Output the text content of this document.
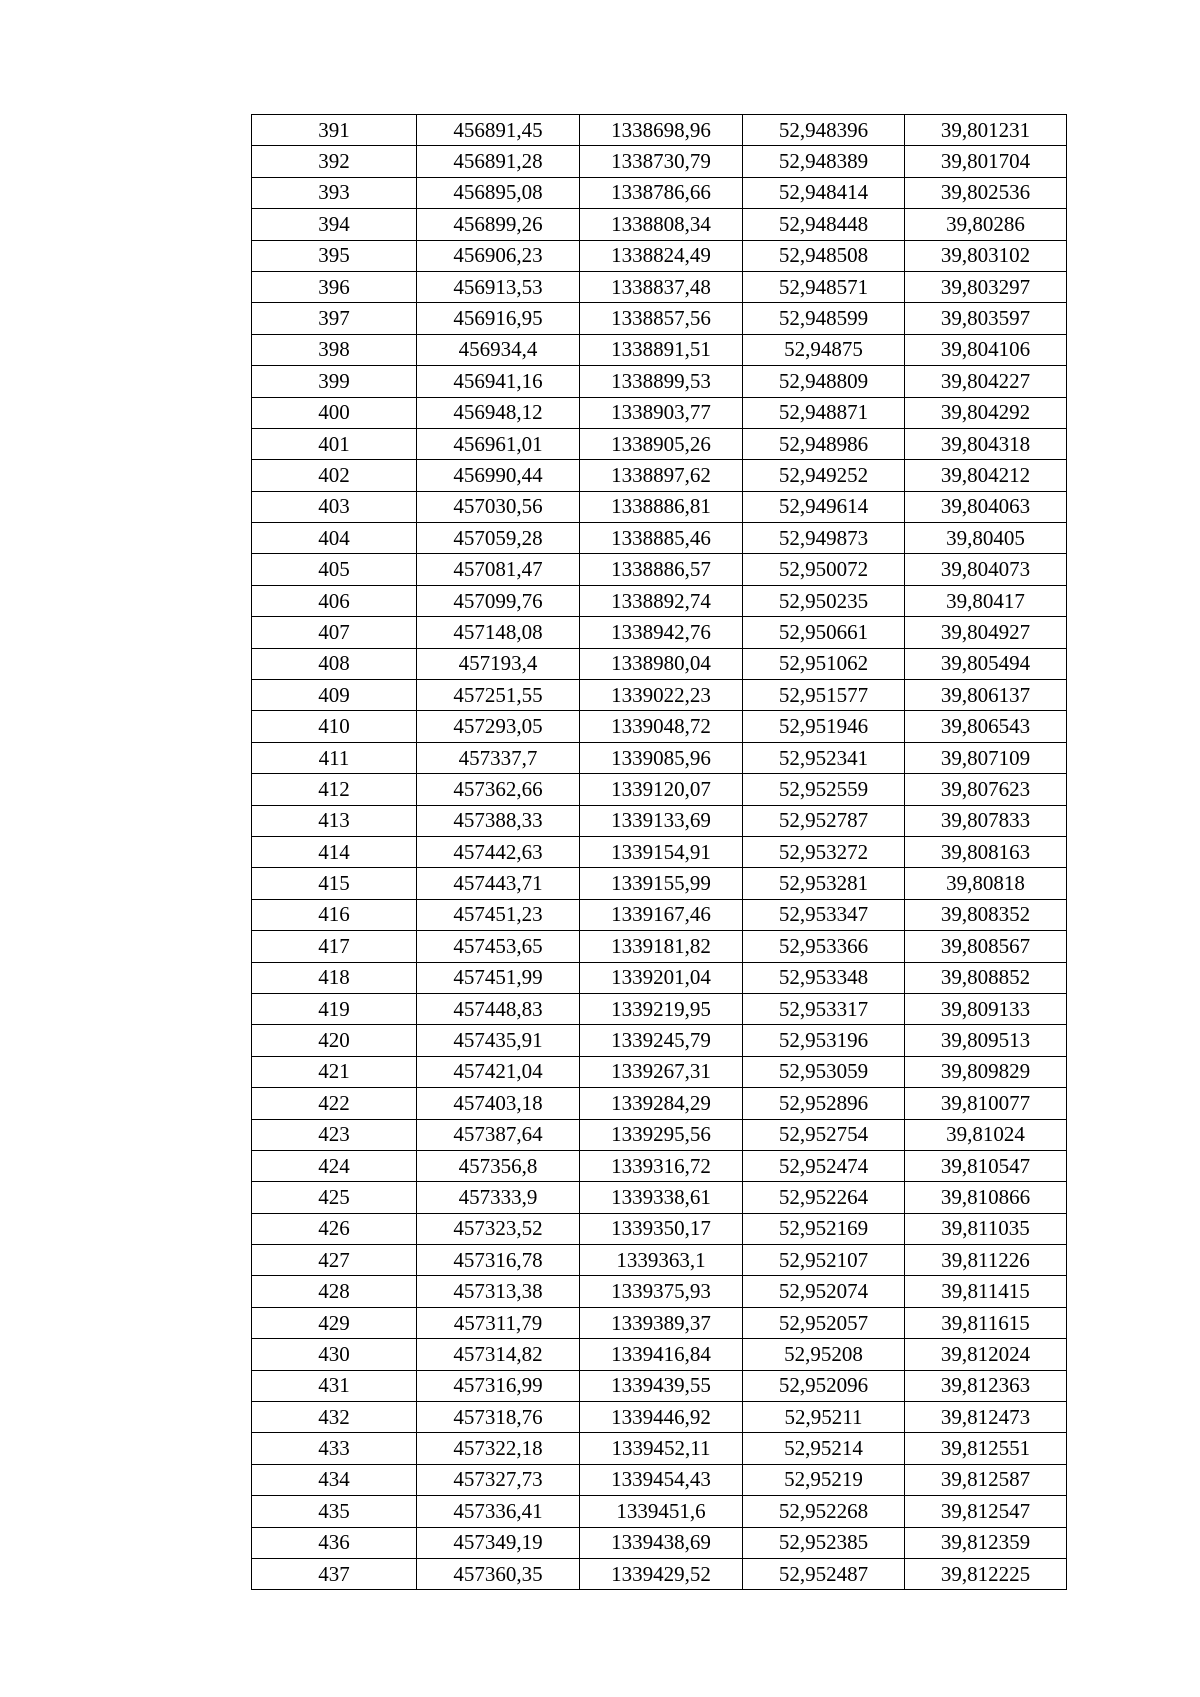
391	456891,45	1338698,96	52,948396	39,801231
392	456891,28	1338730,79	52,948389	39,801704
393	456895,08	1338786,66	52,948414	39,802536
394	456899,26	1338808,34	52,948448	39,80286
395	456906,23	1338824,49	52,948508	39,803102
396	456913,53	1338837,48	52,948571	39,803297
397	456916,95	1338857,56	52,948599	39,803597
398	456934,4	1338891,51	52,94875	39,804106
399	456941,16	1338899,53	52,948809	39,804227
400	456948,12	1338903,77	52,948871	39,804292
401	456961,01	1338905,26	52,948986	39,804318
402	456990,44	1338897,62	52,949252	39,804212
403	457030,56	1338886,81	52,949614	39,804063
404	457059,28	1338885,46	52,949873	39,80405
405	457081,47	1338886,57	52,950072	39,804073
406	457099,76	1338892,74	52,950235	39,80417
407	457148,08	1338942,76	52,950661	39,804927
408	457193,4	1338980,04	52,951062	39,805494
409	457251,55	1339022,23	52,951577	39,806137
410	457293,05	1339048,72	52,951946	39,806543
411	457337,7	1339085,96	52,952341	39,807109
412	457362,66	1339120,07	52,952559	39,807623
413	457388,33	1339133,69	52,952787	39,807833
414	457442,63	1339154,91	52,953272	39,808163
415	457443,71	1339155,99	52,953281	39,80818
416	457451,23	1339167,46	52,953347	39,808352
417	457453,65	1339181,82	52,953366	39,808567
418	457451,99	1339201,04	52,953348	39,808852
419	457448,83	1339219,95	52,953317	39,809133
420	457435,91	1339245,79	52,953196	39,809513
421	457421,04	1339267,31	52,953059	39,809829
422	457403,18	1339284,29	52,952896	39,810077
423	457387,64	1339295,56	52,952754	39,81024
424	457356,8	1339316,72	52,952474	39,810547
425	457333,9	1339338,61	52,952264	39,810866
426	457323,52	1339350,17	52,952169	39,811035
427	457316,78	1339363,1	52,952107	39,811226
428	457313,38	1339375,93	52,952074	39,811415
429	457311,79	1339389,37	52,952057	39,811615
430	457314,82	1339416,84	52,95208	39,812024
431	457316,99	1339439,55	52,952096	39,812363
432	457318,76	1339446,92	52,95211	39,812473
433	457322,18	1339452,11	52,95214	39,812551
434	457327,73	1339454,43	52,95219	39,812587
435	457336,41	1339451,6	52,952268	39,812547
436	457349,19	1339438,69	52,952385	39,812359
437	457360,35	1339429,52	52,952487	39,812225
